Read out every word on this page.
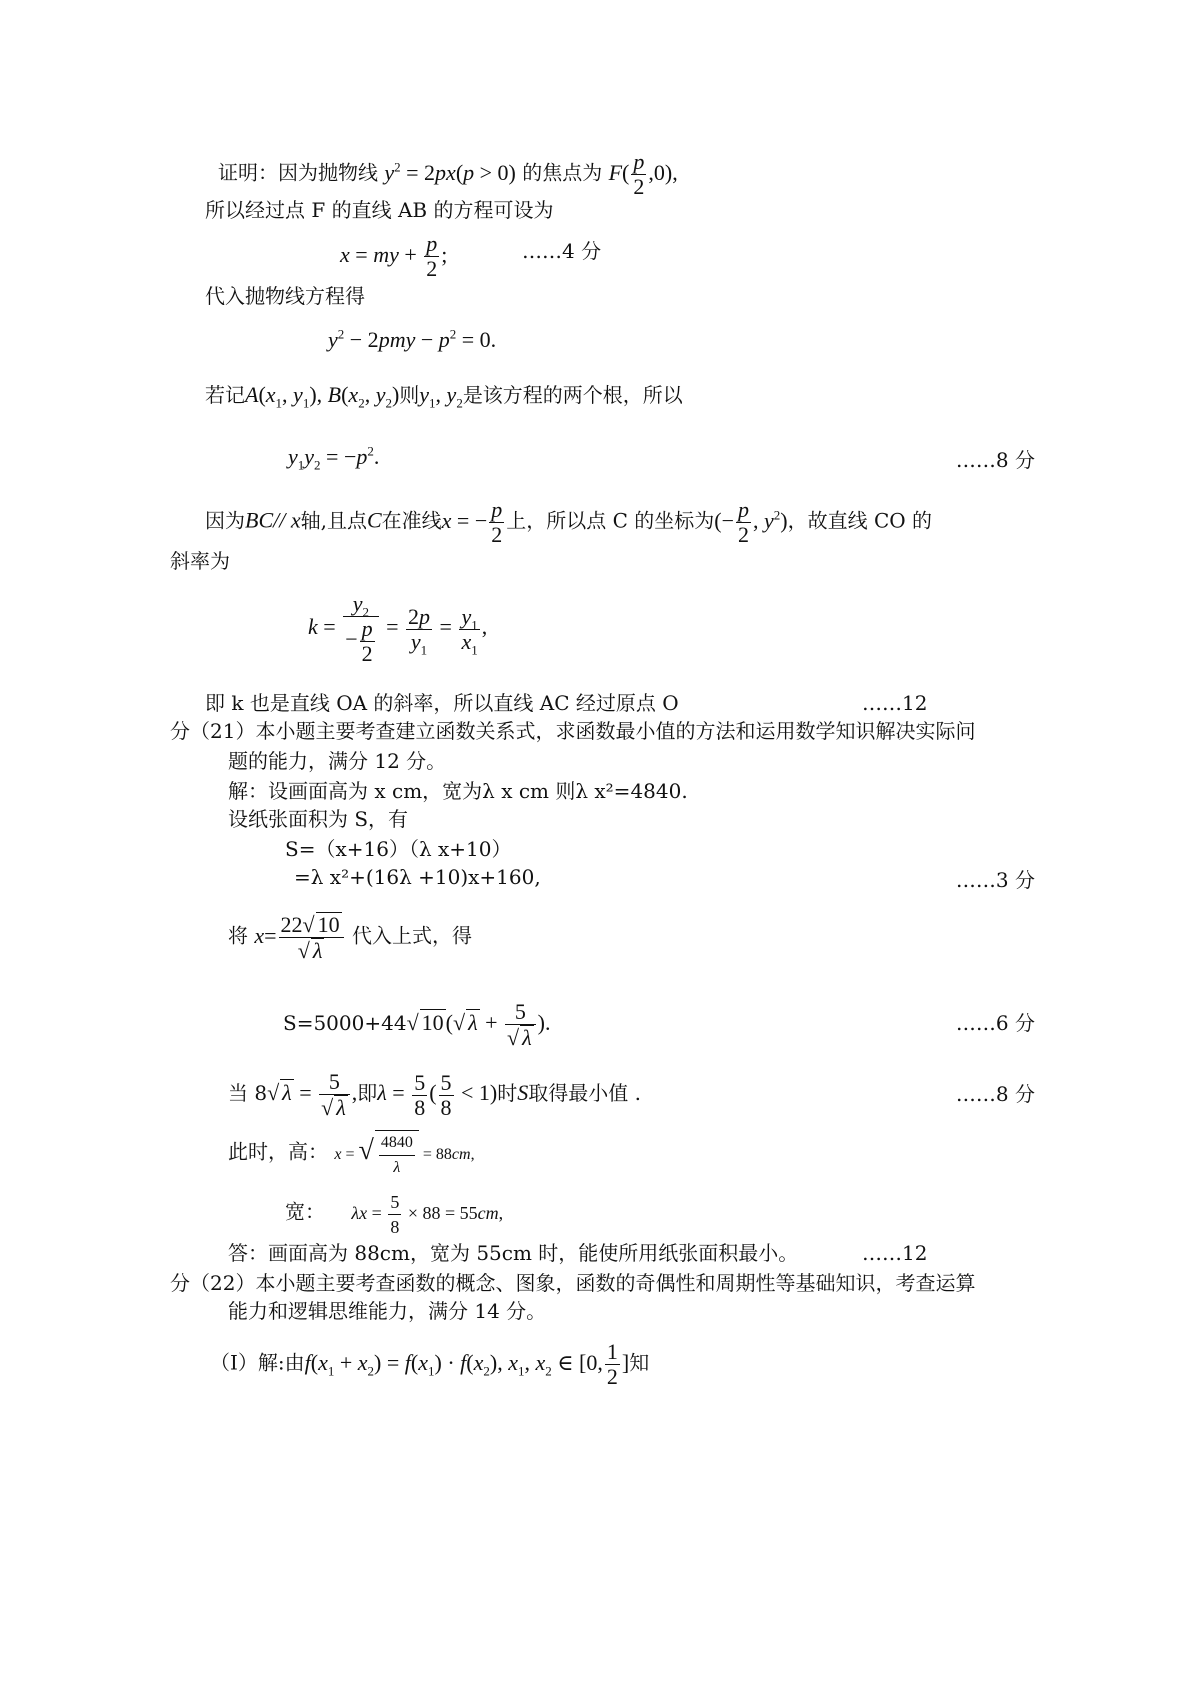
证明：因为抛物线 $y^2 = 2px(p > 0)$ 的焦点为 $F( \frac{p}{2} ,0)$,
所以经过点 F 的直线 AB 的方程可设为
x = my + $\frac{p}{2}$ ;	……4 分
代入抛物线方程得
$y^2 - 2pmy - p^2 = 0$.
若记$A(x_1$, $y_1$), $B(x_2$, $y_2$)则$y_1$, $y_2$是该方程的两个根，所以
$y_1y_2 = -p^2$.	……8 分
因为BC// x轴,且点C在准线x = − $\frac{p}{2}$ 上，所以点 C 的坐标为(− $\frac{p}{2}$ , $y^2$)，故直线 CO 的
斜率为
$k = \frac{y_2}{- \frac{p}{2}} = \frac{2p}{y_1} = \frac{y_1}{x_1}$ ,
即 k 也是直线 OA 的斜率，所以直线 AC 经过原点 O	……12
分（21）本小题主要考查建立函数关系式，求函数最小值的方法和运用数学知识解决实际问
题的能力，满分 12 分。
解：设画面高为 x cm，宽为λ x cm 则λ x²=4840.
设纸张面积为 S，有
S=（x+16）（λ x+10）
=λ x²+(16λ +10)x+160,	……3 分
将 $x= \frac{22√ 10}{√ \lambda}$ 代入上式，得
S=5000+44√ 10(√ $\lambda + \frac{5}{√ \lambda}$ ).	……6 分
当 8√ $\lambda = \frac{5}{√ \lambda}$ ,即$\lambda = \frac{5}{8}$ ( $\frac{5}{8} < 1$)时S取得最小值 .	……8 分
此时，高： x = √ $\frac{4840}{\lambda} = 88cm$,
宽： $\lambda x = \frac{5}{8} \times 88 = 55cm$,
答：画面高为 88cm，宽为 55cm 时，能使所用纸张面积最小。	……12
分（22）本小题主要考查函数的概念、图象，函数的奇偶性和周期性等基础知识，考查运算
能力和逻辑思维能力，满分 14 分。
（Ⅰ）解:由$f(x_1 + x_2) = f(x_1) \cdot f(x_2)$, $x_1$, $x_2$ ∈ [0, $\frac{1}{2}$ ]知
